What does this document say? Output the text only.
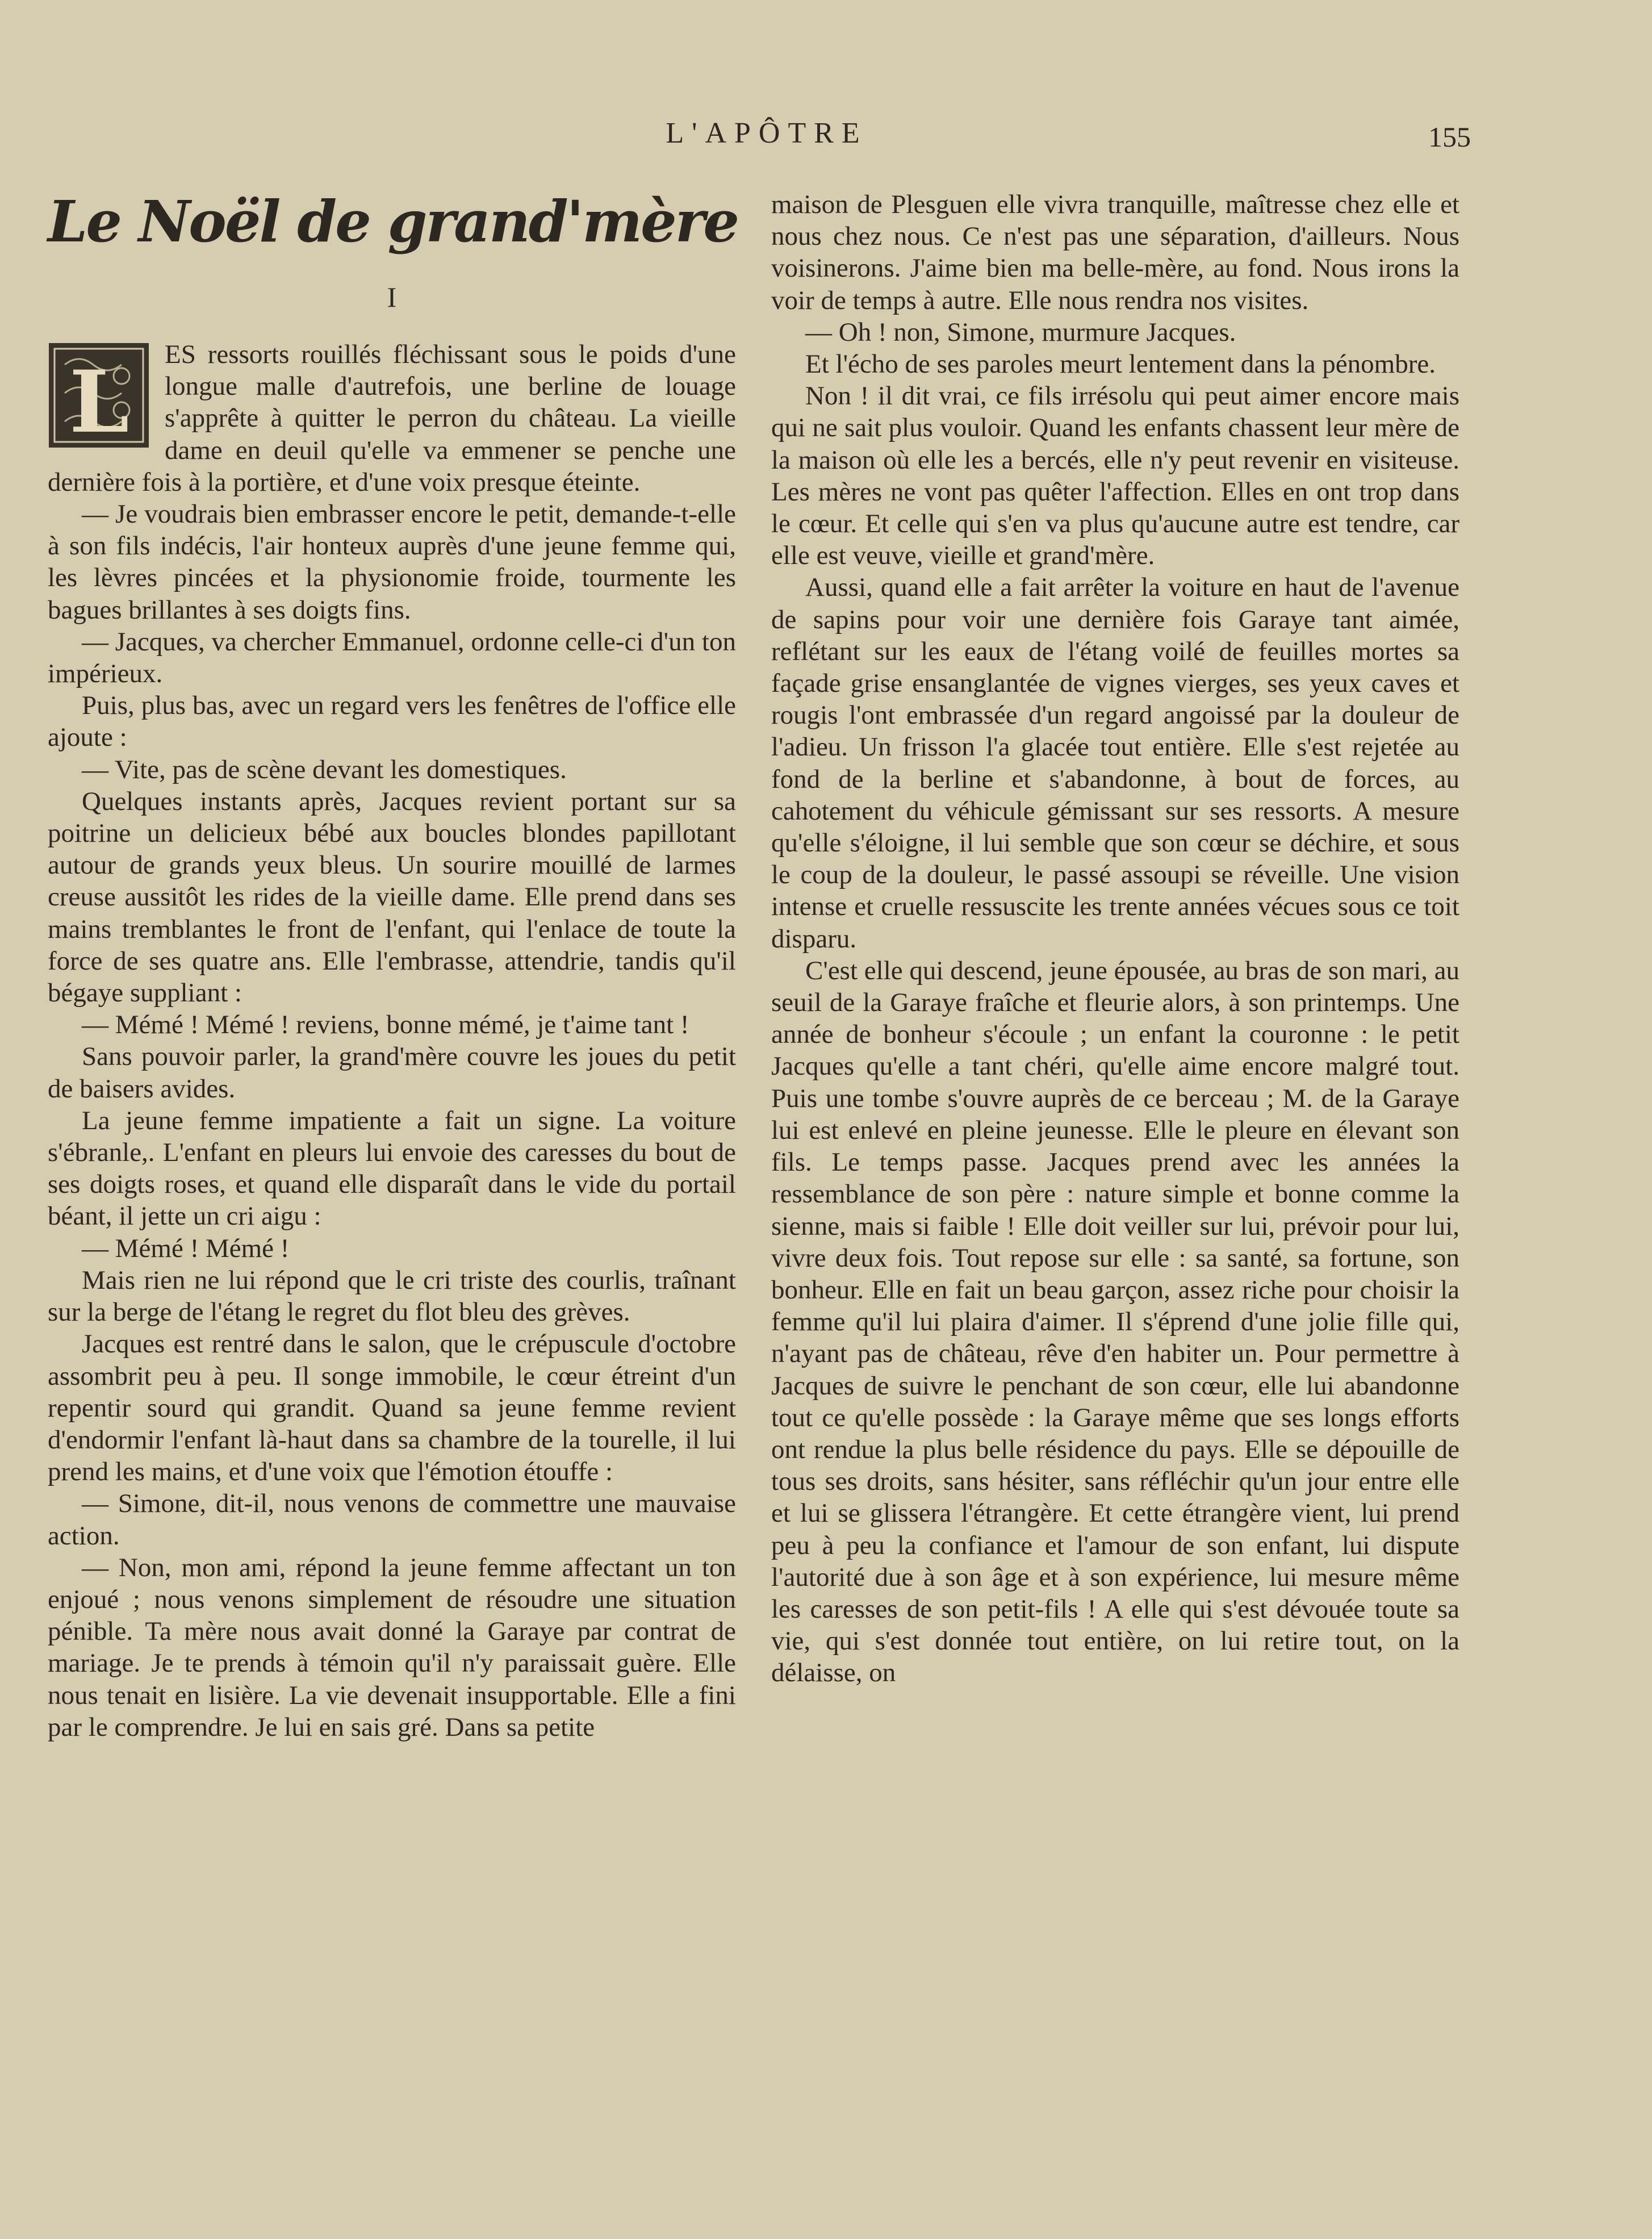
L'APÔTRE	155
Le Noël de grand'mère
I

L ES ressorts rouillés fléchissant sous le poids d'une longue malle d'autrefois, une berline de louage s'apprête à quitter le perron du château. La vieille dame en deuil qu'elle va emmener se penche une dernière fois à la portière, et d'une voix presque éteinte.

— Je voudrais bien embrasser encore le petit, demande-t-elle à son fils indécis, l'air honteux auprès d'une jeune femme qui, les lèvres pincées et la physionomie froide, tourmente les bagues brillantes à ses doigts fins.

— Jacques, va chercher Emmanuel, ordonne celle-ci d'un ton impérieux.

Puis, plus bas, avec un regard vers les fenêtres de l'office elle ajoute :

— Vite, pas de scène devant les domestiques.

Quelques instants après, Jacques revient portant sur sa poitrine un delicieux bébé aux boucles blondes papillotant autour de grands yeux bleus. Un sourire mouillé de larmes creuse aussitôt les rides de la vieille dame. Elle prend dans ses mains tremblantes le front de l'enfant, qui l'enlace de toute la force de ses quatre ans. Elle l'embrasse, attendrie, tandis qu'il bégaye suppliant :

— Mémé ! Mémé ! reviens, bonne mémé, je t'aime tant !

Sans pouvoir parler, la grand'mère couvre les joues du petit de baisers avides.

La jeune femme impatiente a fait un signe. La voiture s'ébranle,. L'enfant en pleurs lui envoie des caresses du bout de ses doigts roses, et quand elle disparaît dans le vide du portail béant, il jette un cri aigu :

— Mémé ! Mémé !

Mais rien ne lui répond que le cri triste des courlis, traînant sur la berge de l'étang le regret du flot bleu des grèves.

Jacques est rentré dans le salon, que le crépuscule d'octobre assombrit peu à peu. Il songe immobile, le cœur étreint d'un repentir sourd qui grandit. Quand sa jeune femme revient d'endormir l'enfant là-haut dans sa chambre de la tourelle, il lui prend les mains, et d'une voix que l'émotion étouffe :

— Simone, dit-il, nous venons de commettre une mauvaise action.

— Non, mon ami, répond la jeune femme affectant un ton enjoué ; nous venons simplement de résoudre une situation pénible. Ta mère nous avait donné la Garaye par contrat de mariage. Je te prends à témoin qu'il n'y paraissait guère. Elle nous tenait en lisière. La vie devenait insupportable. Elle a fini par le comprendre. Je lui en sais gré. Dans sa petite

maison de Plesguen elle vivra tranquille, maîtresse chez elle et nous chez nous. Ce n'est pas une séparation, d'ailleurs. Nous voisinerons. J'aime bien ma belle-mère, au fond. Nous irons la voir de temps à autre. Elle nous rendra nos visites.

— Oh ! non, Simone, murmure Jacques.

Et l'écho de ses paroles meurt lentement dans la pénombre.

Non ! il dit vrai, ce fils irrésolu qui peut aimer encore mais qui ne sait plus vouloir. Quand les enfants chassent leur mère de la maison où elle les a bercés, elle n'y peut revenir en visiteuse. Les mères ne vont pas quêter l'affection. Elles en ont trop dans le cœur. Et celle qui s'en va plus qu'aucune autre est tendre, car elle est veuve, vieille et grand'mère.

Aussi, quand elle a fait arrêter la voiture en haut de l'avenue de sapins pour voir une dernière fois Garaye tant aimée, reflétant sur les eaux de l'étang voilé de feuilles mortes sa façade grise ensanglantée de vignes vierges, ses yeux caves et rougis l'ont embrassée d'un regard angoissé par la douleur de l'adieu. Un frisson l'a glacée tout entière. Elle s'est rejetée au fond de la berline et s'abandonne, à bout de forces, au cahotement du véhicule gémissant sur ses ressorts. A mesure qu'elle s'éloigne, il lui semble que son cœur se déchire, et sous le coup de la douleur, le passé assoupi se réveille. Une vision intense et cruelle ressuscite les trente années vécues sous ce toit disparu.

C'est elle qui descend, jeune épousée, au bras de son mari, au seuil de la Garaye fraîche et fleurie alors, à son printemps. Une année de bonheur s'écoule ; un enfant la couronne : le petit Jacques qu'elle a tant chéri, qu'elle aime encore malgré tout. Puis une tombe s'ouvre auprès de ce berceau ; M. de la Garaye lui est enlevé en pleine jeunesse. Elle le pleure en élevant son fils. Le temps passe. Jacques prend avec les années la ressemblance de son père : nature simple et bonne comme la sienne, mais si faible ! Elle doit veiller sur lui, prévoir pour lui, vivre deux fois. Tout repose sur elle : sa santé, sa fortune, son bonheur. Elle en fait un beau garçon, assez riche pour choisir la femme qu'il lui plaira d'aimer. Il s'éprend d'une jolie fille qui, n'ayant pas de château, rêve d'en habiter un. Pour permettre à Jacques de suivre le penchant de son cœur, elle lui abandonne tout ce qu'elle possède : la Garaye même que ses longs efforts ont rendue la plus belle résidence du pays. Elle se dépouille de tous ses droits, sans hésiter, sans réfléchir qu'un jour entre elle et lui se glissera l'étrangère. Et cette étrangère vient, lui prend peu à peu la confiance et l'amour de son enfant, lui dispute l'autorité due à son âge et à son expérience, lui mesure même les caresses de son petit-fils ! A elle qui s'est dévouée toute sa vie, qui s'est donnée tout entière, on lui retire tout, on la délaisse, on
